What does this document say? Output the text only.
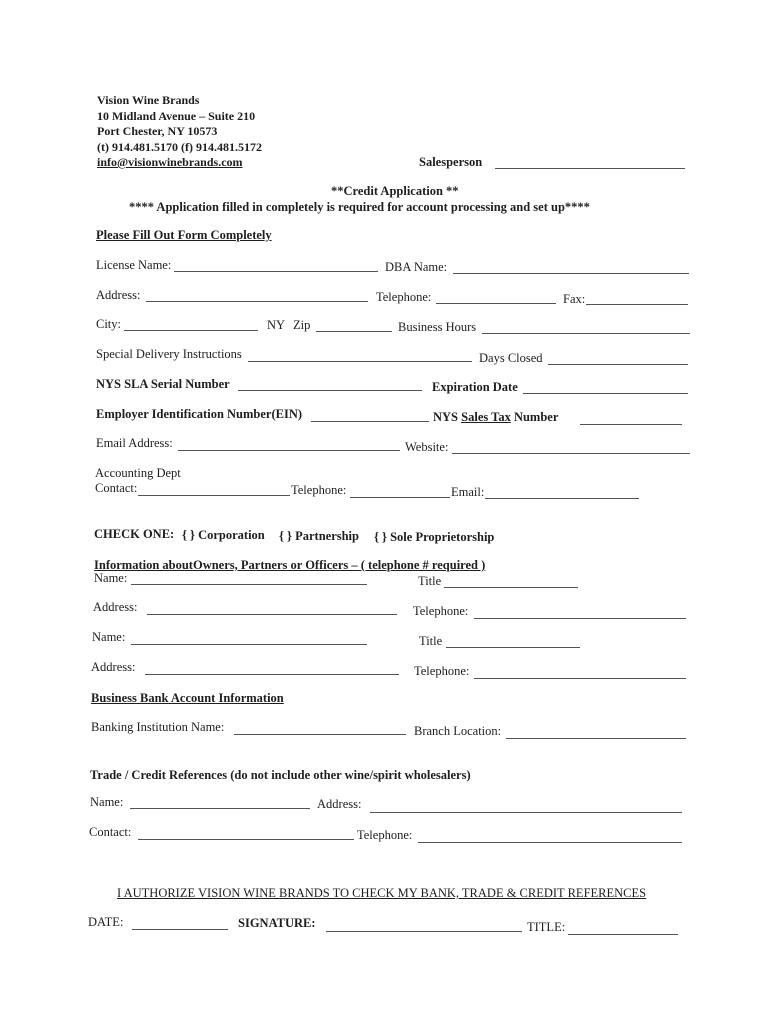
Vision Wine Brands
10 Midland Avenue – Suite 210
Port Chester, NY 10573
(t) 914.481.5170 (f) 914.481.5172
info@visionwinebrands.com	Salesperson
**Credit Application **
**** Application filled in completely is required for account processing and set up****
Please Fill Out Form Completely
License Name:	DBA Name:
Address:	Telephone:	Fax:
City:	NY Zip	Business Hours
Special Delivery Instructions	Days Closed
NYS SLA Serial Number	Expiration Date
Employer Identification Number(EIN)	NYS Sales Tax Number
Email Address:	Website:
Accounting Dept
Contact:	Telephone:	Email:
CHECK ONE: { } Corporation { } Partnership { } Sole Proprietorship
Information aboutOwners, Partners or Officers – ( telephone # required )
Name:	Title
Address:	Telephone:
Name:	Title
Address:	Telephone:
Business Bank Account Information
Banking Institution Name:	Branch Location:
Trade / Credit References (do not include other wine/spirit wholesalers)
Name:	Address:
Contact:	Telephone:
I AUTHORIZE VISION WINE BRANDS TO CHECK MY BANK, TRADE & CREDIT REFERENCES
DATE:	SIGNATURE:	TITLE:
